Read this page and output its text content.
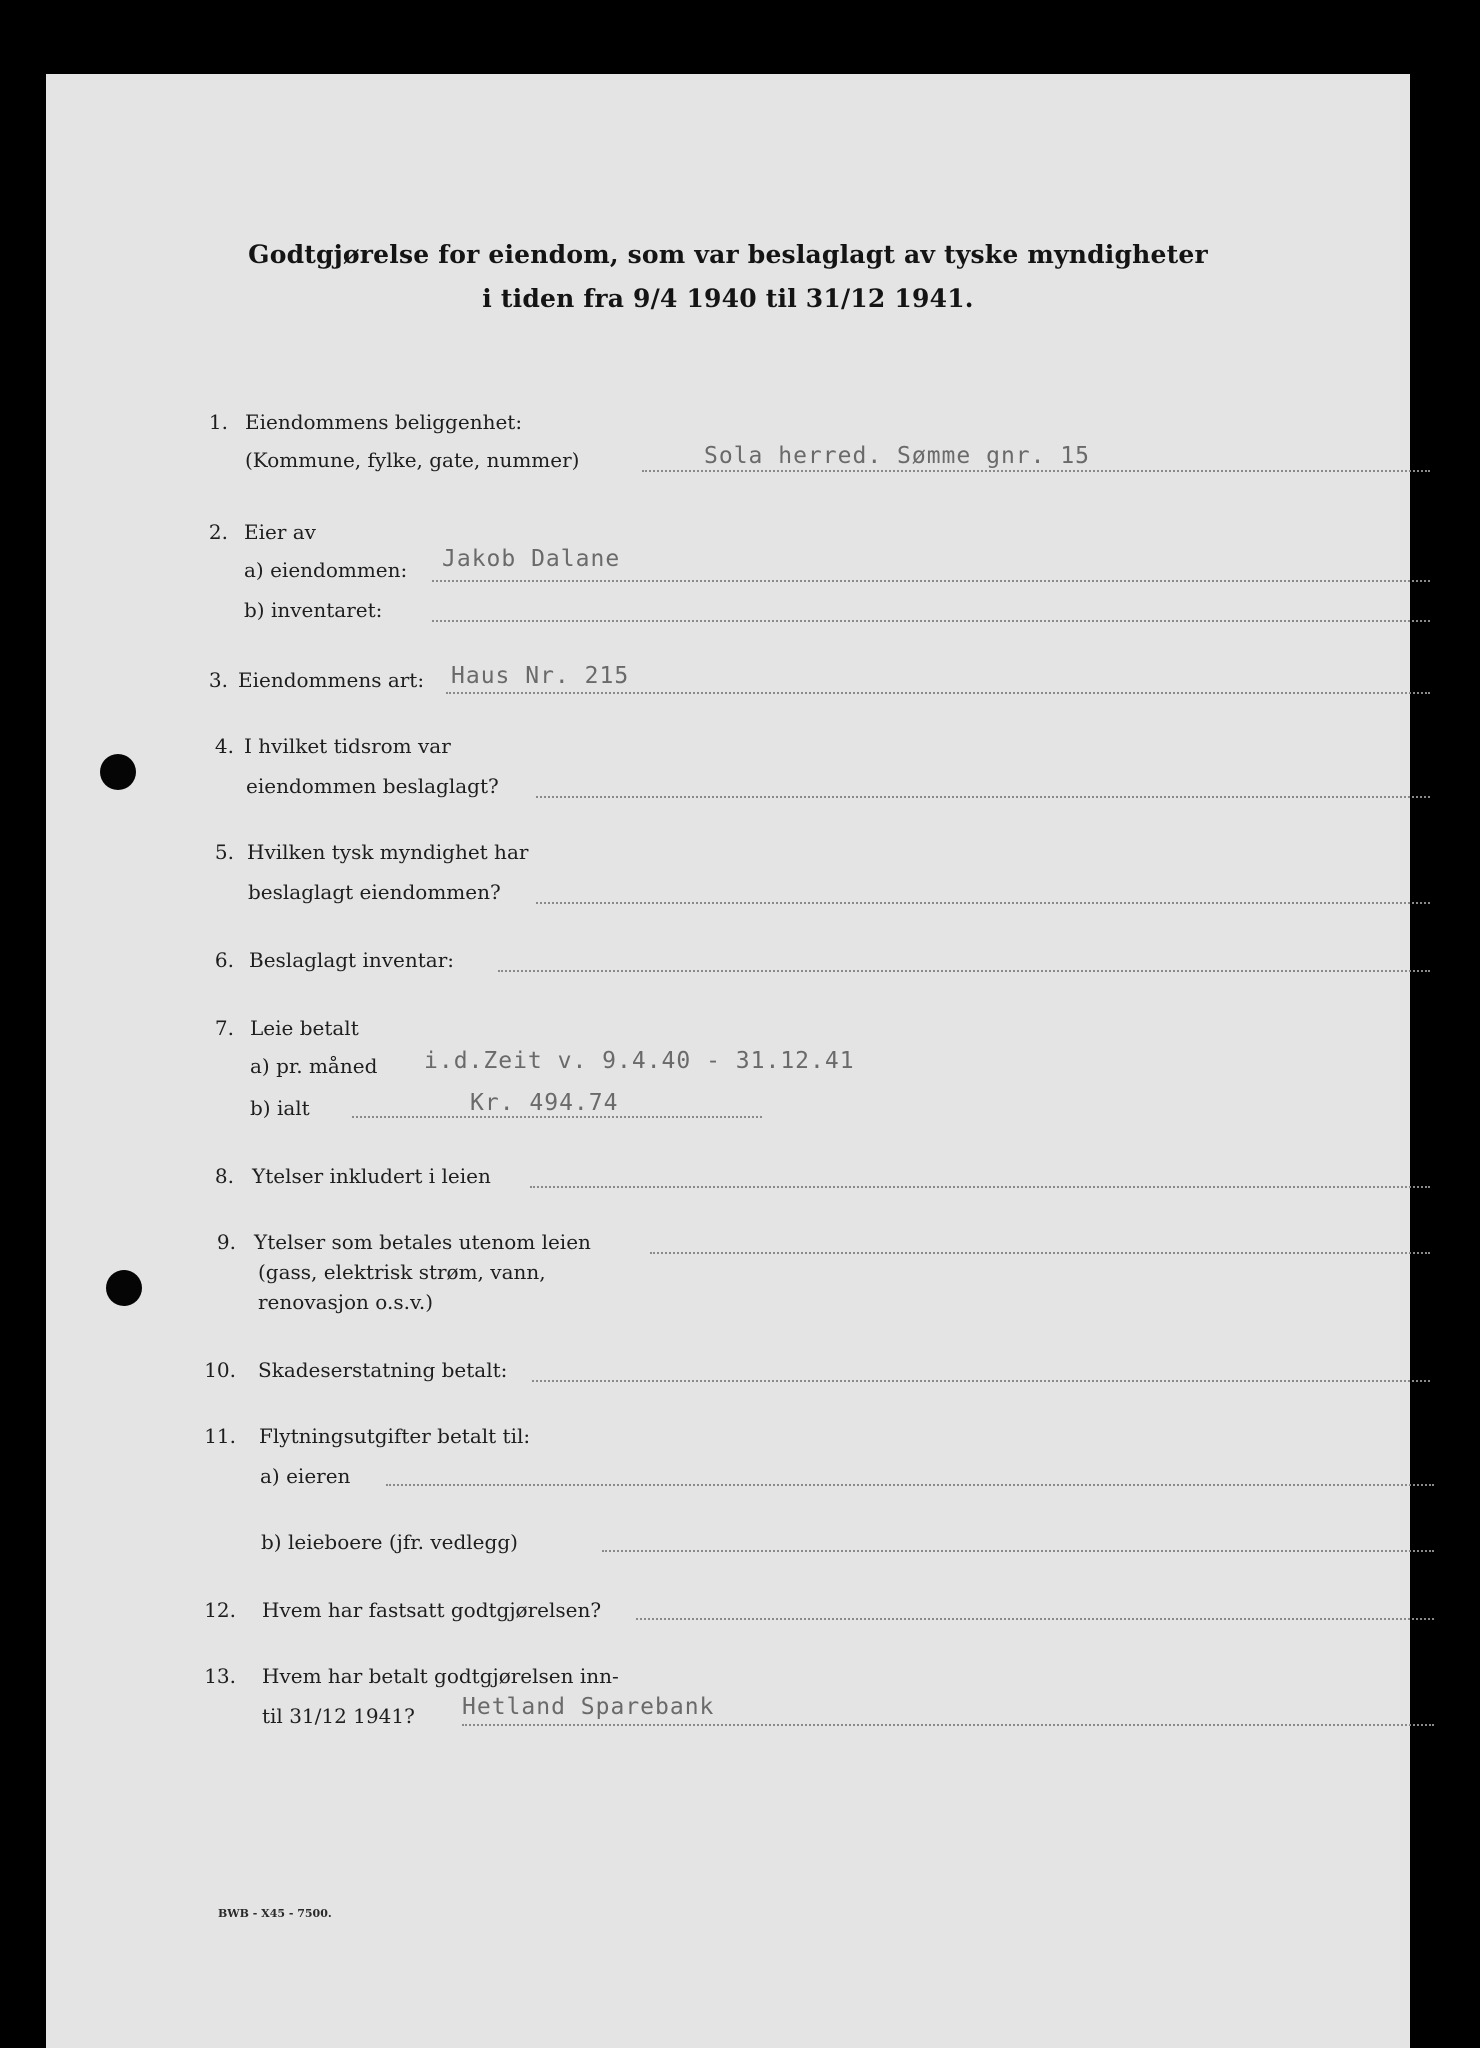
Godtgjørelse for eiendom, som var beslaglagt av tyske myndigheter
i tiden fra 9/4 1940 til 31/12 1941.
1. Eiendommens beliggenhet:
(Kommune, fylke, gate, nummer)	Sola herred. Sømme gnr. 15
2. Eier av
a) eiendommen: Jakob Dalane
b) inventaret:
3. Eiendommens art: Haus Nr. 215
4. I hvilket tidsrom var
eiendommen beslaglagt?
5. Hvilken tysk myndighet har
beslaglagt eiendommen?
6. Beslaglagt inventar:
7. Leie betalt
a) pr. måned i.d.Zeit v. 9.4.40 - 31.12.41
b) ialt	Kr. 494.74
8. Ytelser inkludert i leien
9. Ytelser som betales utenom leien
(gass, elektrisk strøm, vann,
renovasjon o.s.v.)
10. Skadeserstatning betalt:
11. Flytningsutgifter betalt til:
a) eieren
b) leieboere (jfr. vedlegg)
12. Hvem har fastsatt godtgjørelsen?
13. Hvem har betalt godtgjørelsen inn-
til 31/12 1941? Hetland Sparebank
BWB - X45 - 7500.
